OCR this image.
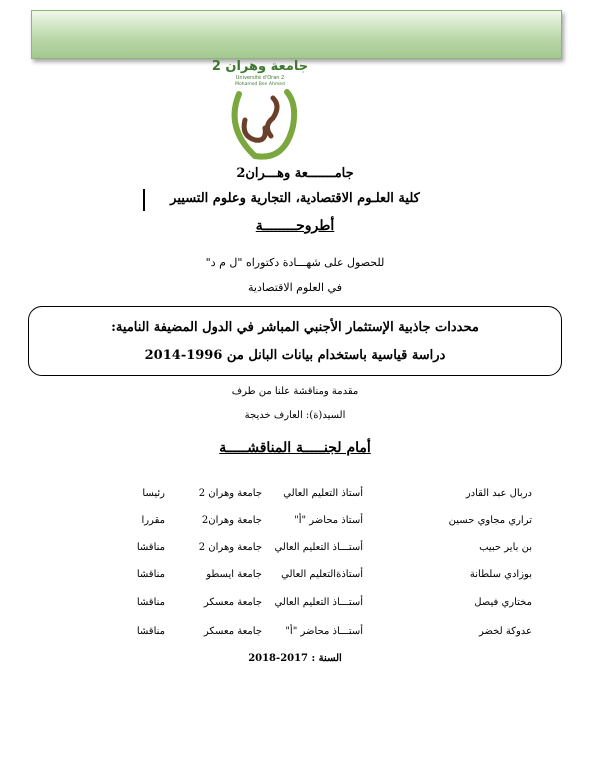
جامعة وهران 2
Université d'Oran 2
Mohamed Ben Ahmed
جامـــــــعة وهـــران2
كلية العلـوم الاقتصادية، التجارية وعلوم التسيير
أطروحــــــــة
للحصول على شهـــادة دكتوراه "ل م د"
في العلوم الاقتصادية
محددات جاذبية الإستثمار الأجنبي المباشر في الدول المضيفة النامية:
دراسة قياسية باستخدام بيانات البانل من 1996-2014
مقدمة ومناقشة علنا من طرف
السيد(ة): العارف خديجة
أمام لجنـــــة المناقشـــــة
دربال عبد القادر
أستاذ التعليم العالي
جامعة وهران 2
رئيسا
تراري مجاوي حسين
أستاذ محاضر "أ"
جامعة وهران2
مقررا
بن باير حبيب
أستـــاذ التعليم العالي
جامعة وهران 2
مناقشا
بوزادي سلطانة
أستاذةالتعليم العالي
جامعة ايسطو
مناقشا
مختاري فيصل
أستـــاذ التعليم العالي
جامعة معسكر
مناقشا
عدوكة لخضر
أستـــاذ محاضر "أ"
جامعة معسكر
مناقشا
السنة : 2017-2018
